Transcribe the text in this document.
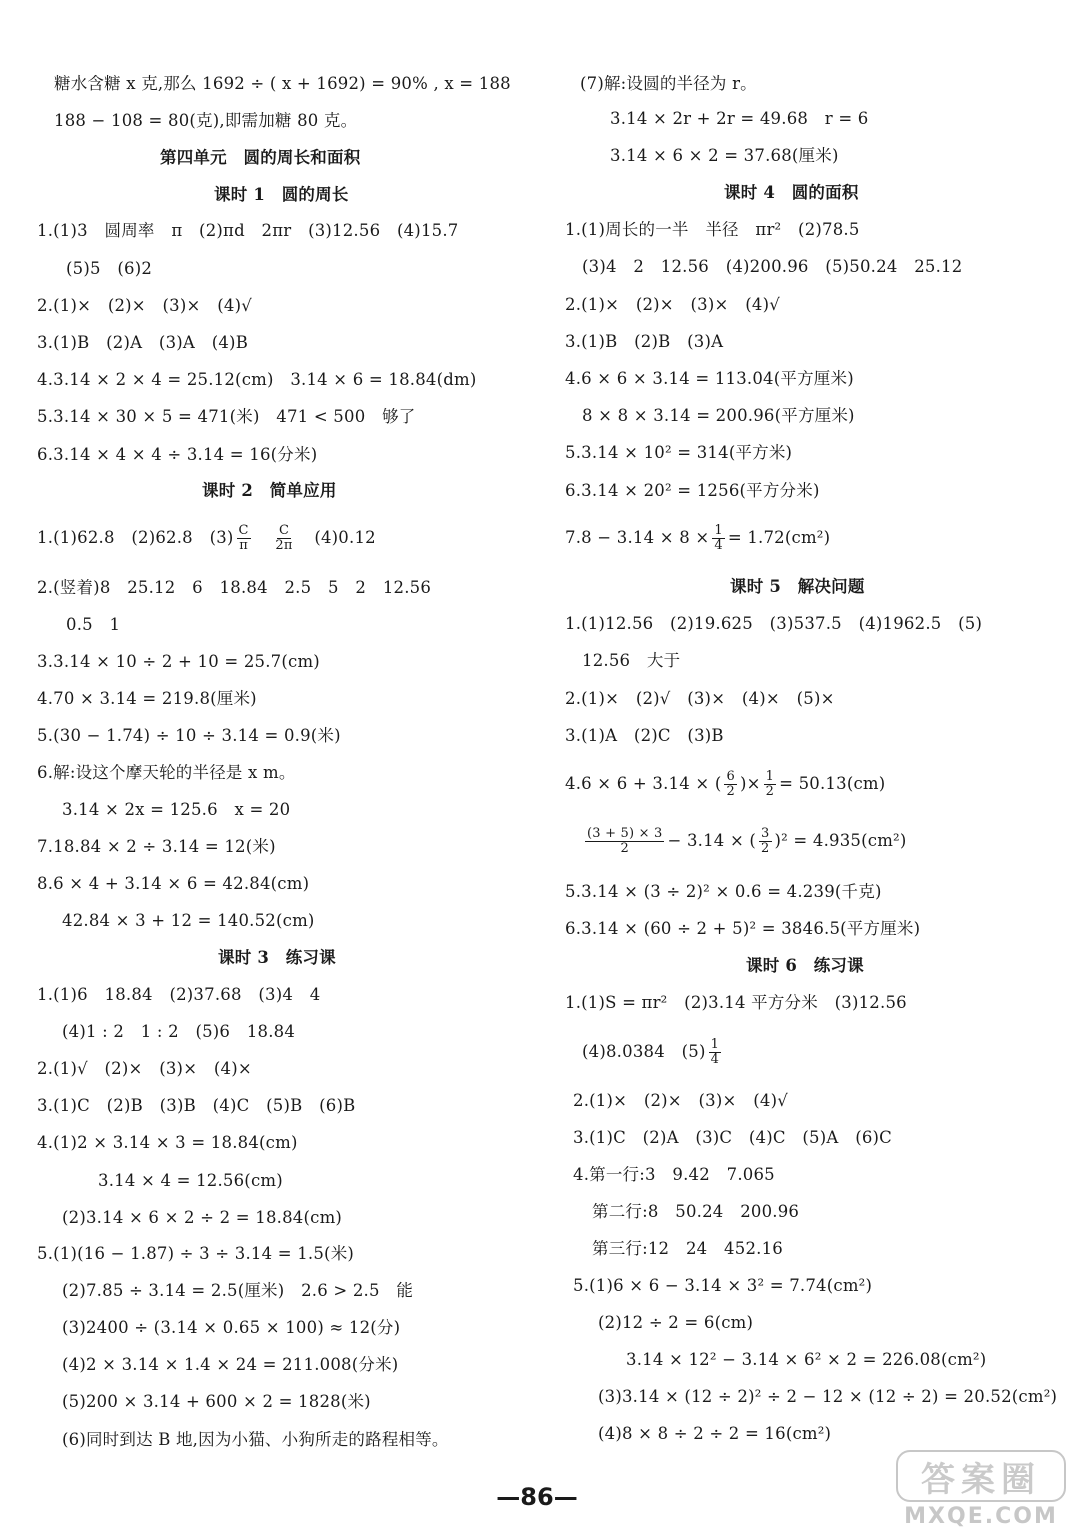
糖水含糖 x 克,那么 1692 ÷ ( x + 1692) = 90% , x = 188
188 − 108 = 80(克),即需加糖 80 克。
第四单元　圆的周长和面积
课时 1　圆的周长
1.(1)3　圆周率　π　(2)πd　2πr　(3)12.56　(4)15.7
(5)5　(6)2
2.(1)×　(2)×　(3)×　(4)√
3.(1)B　(2)A　(3)A　(4)B
4.3.14 × 2 × 4 = 25.12(cm)　3.14 × 6 = 18.84(dm)
5.3.14 × 30 × 5 = 471(米)　471 < 500　够了
6.3.14 × 4 × 4 ÷ 3.14 = 16(分米)
课时 2　简单应用
1.(1)62.8　(2)62.8　$(3) \frac{C}{\pi}$
　 $\frac{C}{2\pi}$ 　(4)0.12
2.(竖着)8　25.12　6　18.84　2.5　5　2　12.56
0.5　1
3.3.14 × 10 ÷ 2 + 10 = 25.7(cm)
4.70 × 3.14 = 219.8(厘米)
5.(30 − 1.74) ÷ 10 ÷ 3.14 = 0.9(米)
6.解:设这个摩天轮的半径是 x m。
3.14 × 2x = 125.6　x = 20
7.18.84 × 2 ÷ 3.14 = 12(米)
8.6 × 4 + 3.14 × 6 = 42.84(cm)
42.84 × 3 + 12 = 140.52(cm)
课时 3　练习课
1.(1)6　18.84　(2)37.68　(3)4　4
(4)1 : 2　1 : 2　(5)6　18.84
2.(1)√　(2)×　(3)×　(4)×
3.(1)C　(2)B　(3)B　(4)C　(5)B　(6)B
4.(1)2 × 3.14 × 3 = 18.84(cm)
3.14 × 4 = 12.56(cm)
(2)3.14 × 6 × 2 ÷ 2 = 18.84(cm)
5.(1)(16 − 1.87) ÷ 3 ÷ 3.14 = 1.5(米)
(2)7.85 ÷ 3.14 = 2.5(厘米)　2.6 > 2.5　能
(3)2400 ÷ (3.14 × 0.65 × 100) ≈ 12(分)
(4)2 × 3.14 × 1.4 × 24 = 211.008(分米)
(5)200 × 3.14 + 600 × 2 = 1828(米)
(6)同时到达 B 地,因为小猫、小狗所走的路程相等。
(7)解:设圆的半径为 r。
3.14 × 2r + 2r = 49.68　r = 6
3.14 × 6 × 2 = 37.68(厘米)
课时 4　圆的面积
1.(1)周长的一半　半径　πr²　(2)78.5
(3)4　2　12.56　(4)200.96　(5)50.24　25.12
2.(1)×　(2)×　(3)×　(4)√
3.(1)B　(2)B　(3)A
4.6 × 6 × 3.14 = 113.04(平方厘米)
8 × 8 × 3.14 = 200.96(平方厘米)
5.3.14 × 10² = 314(平方米)
6.3.14 × 20² = 1256(平方分米)
$7.8 - 3.14 \times 8 \times \frac{1}{4} = 1.72(cm^2)$
课时 5　解决问题
1.(1)12.56　(2)19.625　(3)537.5　(4)1962.5　(5)
12.56　大于
2.(1)×　(2)√　(3)×　(4)×　(5)×
3.(1)A　(2)C　(3)B
4.6 × 6 + 3.14 × ( $\frac{6}{2}$ )× $\frac{1}{2} = 50.13(cm)$
$\frac{(3 + 5) \times 3}{2} - 3.14$ × ( $\frac{3}{2} )^2 = 4.935(cm^2)$
5.3.14 × (3 ÷ 2)² × 0.6 = 4.239(千克)
6.3.14 × (60 ÷ 2 + 5)² = 3846.5(平方厘米)
课时 6　练习课
1.(1)S = πr²　(2)3.14 平方分米　(3)12.56
(4)8.0384　$(5) \frac{1}{4}$
2.(1)×　(2)×　(3)×　(4)√
3.(1)C　(2)A　(3)C　(4)C　(5)A　(6)C
4.第一行:3　9.42　7.065
第二行:8　50.24　200.96
第三行:12　24　452.16
5.(1)6 × 6 − 3.14 × 3² = 7.74(cm²)
(2)12 ÷ 2 = 6(cm)
3.14 × 12² − 3.14 × 6² × 2 = 226.08(cm²)
(3)3.14 × (12 ÷ 2)² ÷ 2 − 12 × (12 ÷ 2) = 20.52(cm²)
(4)8 × 8 ÷ 2 ÷ 2 = 16(cm²)
—86—	答案圈
MXQE.COM
